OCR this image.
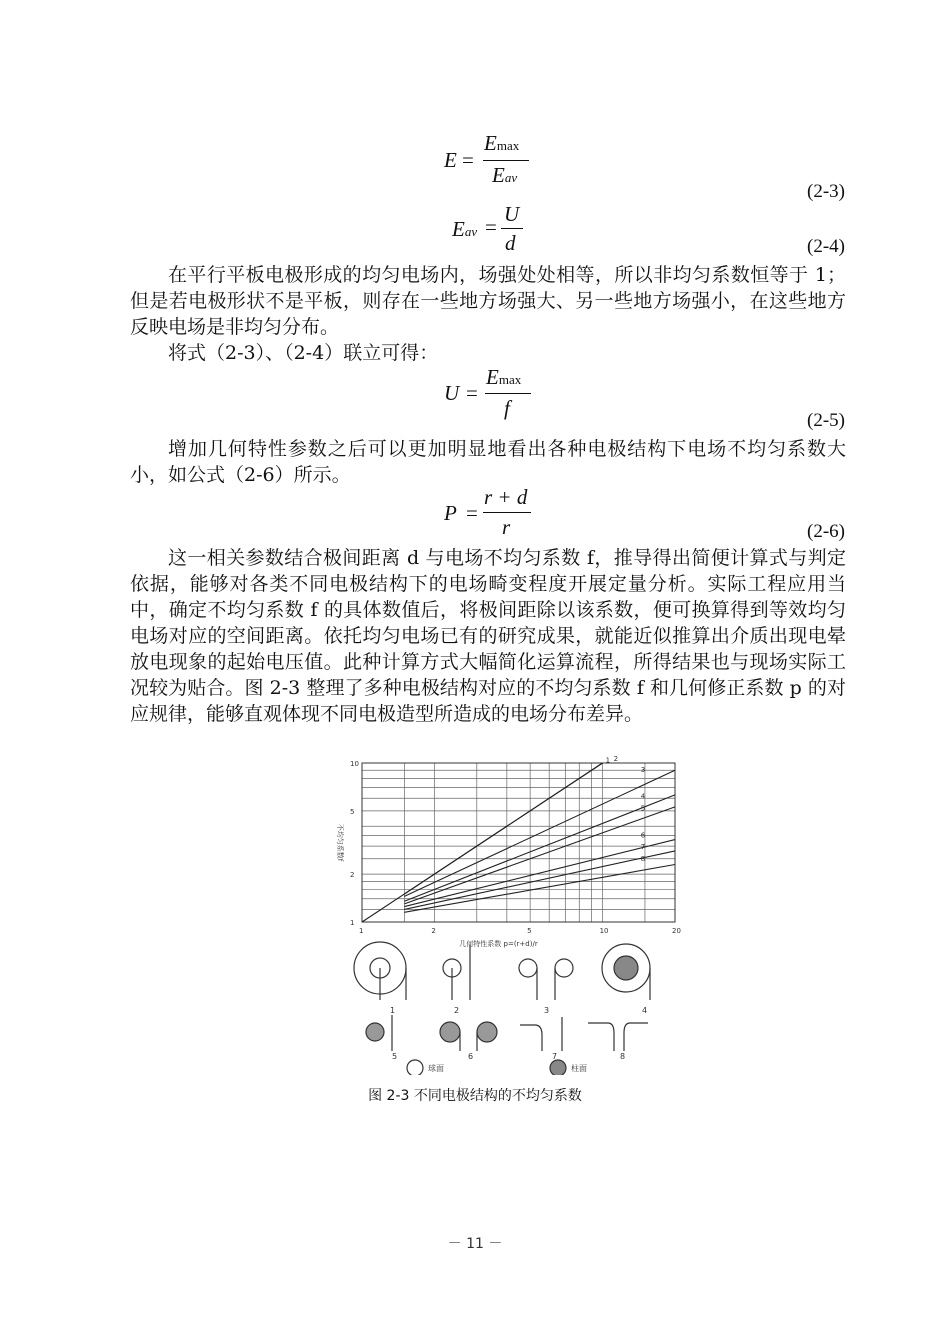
E =
Emax
Eav
(2-3)
Eav =
U
d	(2-4)
在平行平板电极形成的均匀电场内，场强处处相等，所以非均匀系数恒等于 1；但是若电极形状不是平板，则存在一些地方场强大、另一些地方场强小，在这些地方反映电场是非均匀分布。
将式（2-3）、（2-4）联立可得：
U =
Emax
f
(2-5)
增加几何特性参数之后可以更加明显地看出各种电极结构下电场不均匀系数大小，如公式（2-6）所示。
P =
r + d
r	(2-6)
这一相关参数结合极间距离 d 与电场不均匀系数 f，推导得出简便计算式与判定依据，能够对各类不同电极结构下的电场畸变程度开展定量分析。实际工程应用当中，确定不均匀系数 f 的具体数值后，将极间距除以该系数，便可换算得到等效均匀电场对应的空间距离。依托均匀电场已有的研究成果，就能近似推算出介质出现电晕放电现象的起始电压值。此种计算方式大幅简化运算流程，所得结果也与现场实际工况较为贴合。图 2-3 整理了多种电极结构对应的不均匀系数 f 和几何修正系数 p 的对应规律，能够直观体现不同电极造型所造成的电场分布差异。
1 2
3
4
5
6
7
8
10
5
2
1
1	2	5	10	20
不均匀系数f
几何特性系数 p=(r+d)/r
1	2	3	4
5	6	7	8
球面	柱面
图 2-3 不同电极结构的不均匀系数
－ 11 －
